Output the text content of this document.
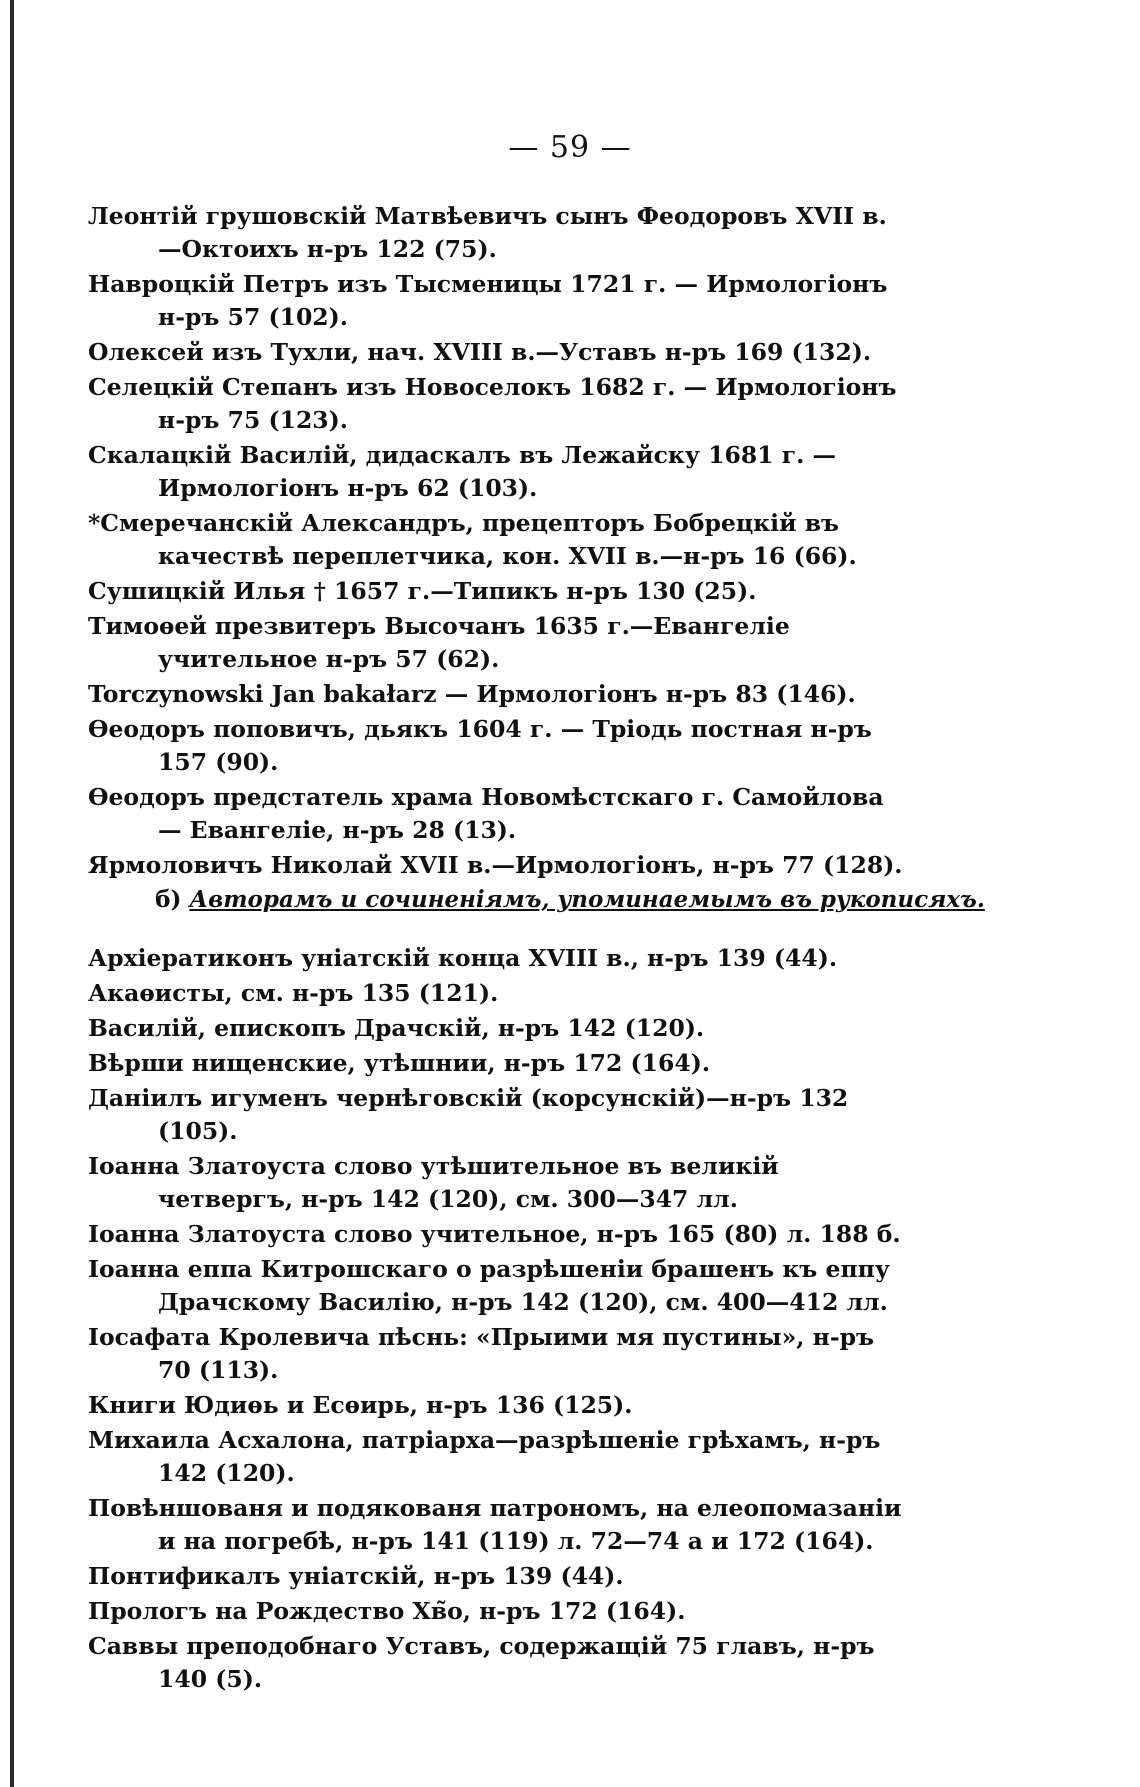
— 59 —

Леонтій грушовскій Матвѣевичъ сынъ Феодоровъ XVII в.—Октоихъ н-ръ 122 (75).

Навроцкій Петръ изъ Тысменицы 1721 г. — Ирмологіонъ н-ръ 57 (102).

Олексей изъ Тухли, нач. XVIII в.—Уставъ н-ръ 169 (132).

Селецкій Степанъ изъ Новоселокъ 1682 г. — Ирмологіонъ н-ръ 75 (123).

Скалацкій Василій, дидаскалъ въ Лежайску 1681 г. — Ирмологіонъ н-ръ 62 (103).

*Смеречанскій Александръ, прецепторъ Бобрецкій въ качествѣ переплетчика, кон. XVII в.—н-ръ 16 (66).

Сушицкій Илья † 1657 г.—Типикъ н-ръ 130 (25).

Тимоѳей презвитеръ Высочанъ 1635 г.—Евангеліе учительное н-ръ 57 (62).

Torczynowski Jan bakałarz — Ирмологіонъ н-ръ 83 (146).

Ѳеодоръ поповичъ, дьякъ 1604 г. — Тріодь постная н-ръ 157 (90).

Ѳеодоръ предстатель храма Новомѣстскаго г. Самойлова — Евангеліе, н-ръ 28 (13).

Ярмоловичъ Николай XVII в.—Ирмологіонъ, н-ръ 77 (128).

б) Авторамъ и сочиненіямъ, упоминаемымъ въ рукописяхъ.

Архіератиконъ уніатскій конца XVIII в., н-ръ 139 (44).

Акаѳисты, см. н-ръ 135 (121).

Василій, епископъ Драчскій, н-ръ 142 (120).

Вѣрши нищенские, утѣшнии, н-ръ 172 (164).

Даніилъ игуменъ чернѣговскій (корсунскій)—н-ръ 132 (105).

Іоанна Златоуста слово утѣшительное въ великій четвергъ, н-ръ 142 (120), см. 300—347 лл.

Іоанна Златоуста слово учительное, н-ръ 165 (80) л. 188 б.

Іоанна еппа Китрошскаго о разрѣшеніи брашенъ къ еппу Драчскому Василію, н-ръ 142 (120), см. 400—412 лл.

Іосафата Кролевича пѣснь: «Прыими мя пустины», н-ръ 70 (113).

Книги Юдиѳь и Есѳирь, н-ръ 136 (125).

Михаила Асхалона, патріарха—разрѣшеніе грѣхамъ, н-ръ 142 (120).

Повѣншованя и подякованя патрономъ, на елеопомазаніи и на погребѣ, н-ръ 141 (119) л. 72—74 а и 172 (164).

Понтификалъ уніатскій, н-ръ 139 (44).

Прологъ на Рождество Хв̃о, н-ръ 172 (164).

Саввы преподобнаго Уставъ, содержащій 75 главъ, н-ръ 140 (5).
